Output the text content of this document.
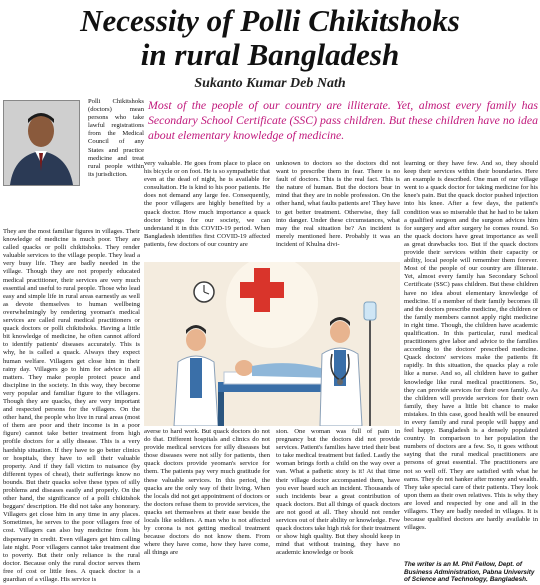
Necessity of Polli Chikitshoks
in rural Bangladesh
Sukanto Kumar Deb Nath
Polli Chikitshoks (doctors) mean persons who take lawful registrations from the Medical Council of any States and practice medicine and treat rural people within its jurisdiction.
Most of the people of our country are illiterate. Yet, almost every family has Secondary School Certificate (SSC) pass children. But these children have no idea about elementary knowledge of medicine.

They are the most familiar figures in villages. Their knowledge of medicine is much poor. They are called quacks or polli chikitshoks. They render valuable services to the village people. They lead a very busy life. They are badly needed in the village. Though they are not properly educated medical practitioner, their services are very much essential and useful to rural people. Those who lead easy and simple life in rural areas earnestly as well as devote themselves to human wellbeing overwhelmingly by rendering yeoman's medical services are called rural medical practitioners or quack doctors or polli chikitshoks. Having a little bit knowledge of medicine, he often cannot afford to identify patients' diseases accurately. This is why, he is called a quack. Always they expect human welfare. Villagers get close him in their rainy day. Villagers go to him for advice in all matters. They make people protect peace and discipline in the society. In this way, they become very popular and familiar figure to the villagers. Though they are quacks, they are very important and respected persons for the villagers. On the other hand, the people who live in rural areas (most of them are poor and their income is in a poor figure) cannot take better treatment from high profile doctors for a silly disease. This is a very hardship situation. If they have to go better clinics or hospitals, they have to sell their valuable property. And if they fall victim to nuisance (by different types of cheat), their sufferings know no bounds. But their quacks solve these types of silly problems and diseases easily and properly. On the other hand, the significance of a polli chikitshok beggars' description. He did not take any honorary. Villagers get close him in any time in any places. Sometimes, he serves to the poor villagers free of cost. Villagers can also buy medicine from his dispensary in credit. Even villagers get him calling late night. Poor villagers cannot take treatment due to poverty. But their only reliance is the rural doctor. Because only the rural doctor serves them free of cost or little fees. A quack doctor is a guardian of a village. His service is

very valuable. He goes from place to place on his bicycle or on foot. He is so sympathetic that even at the dead of night, he is available for consultation. He is kind to his poor patients. He does not demand any large fee. Consequently, the poor villagers are highly benefited by a quack doctor. How much importance a quack doctor brings for our society, we can understand it in this COVID-19 period. When Bangladesh identifies first COVID-19 affected patients, few doctors of our country are
unknown to doctors so the doctors did not want to prescribe them in fear. There is no fault of doctors. This is the real fact. This is the nature of human. But the doctors bear in mind that they are in noble profession. On the other hand, what faults patients are! They have to get better treatment. Otherwise, they fall into danger. Under these circumstances, what may the real situation be? An incident is merely mentioned here. Probably it was an incident of Khulna divi-
averse to hard work. But quack doctors do not do that. Different hospitals and clinics do not provide medical services for silly diseases but those diseases were not silly for patients, then quack doctors provide yeoman's service for them. The patients pay very much gratitude for these valuable services. In this period, the quacks are the only way of their living. When the locals did not get appointment of doctors or the doctors refuse them to provide services, the quacks set themselves at their ease beside the locals like soldiers. A man who is not affected by corona is not getting medical treatment because doctors do not know them. From where they have come, how they have come, all things are
sion. One woman was full of pain in pregnancy but the doctors did not provide services. Patient's families have tried their best to take medical treatment but failed. Lastly the woman brings forth a child on the way over a van. What a pathetic story is it! At that time their village doctor accompanied them, have you ever heard such an incident. Thousands of such incidents bear a great contribution of quack doctors. But all things of quack doctors are not good at all. They should not render services out of their ability or knowledge. Few quack doctors take high risk for their treatment or show high quality. But they should keep in mind that without training, they have no academic knowledge or book
learning or they have few. And so, they should keep their services within their boundaries. Here an example is described. One man of our village went to a quack doctor for taking medicine for his knee's pain. But the quack doctor pushed injection into his knee. After a few days, the patient's condition was so miserable that he had to be taken a qualified surgeon and the surgeon advices him for surgery and after surgery he comes round. So the quack doctors have great importance as well as great drawbacks too. But if the quack doctors provide their services within their capacity or ability, local people will remember them forever. Most of the people of our country are illiterate. Yet, almost every family has Secondary School Certificate (SSC) pass children. But these children have no idea about elementary knowledge of medicine. If a member of their family becomes ill and the doctors prescribe medicine, the children or the family members cannot apply right medicine in right time. Though, the children have academic qualification. In this particular, rural medical practitioners give labor and advice to the families according to the doctors' prescribed medicine. Quack doctors' services make the patients fit rapidly. In this situation, the quacks play a role like a nurse. And so, all children have to gather knowledge like rural medical practitioners. So, they can provide services for their own family. As the children will provide services for their own family, they have a little bit chance to make mistakes. In this case, good health will be ensured in every family and rural people will happy and feel happy. Bangladesh is a densely populated country. In comparison to her population the numbers of doctors are a few. So, it goes without saying that the rural medical practitioners are persons of great essential. The practitioners are not so well off. They are satisfied with what he earns. They do not hanker after money and wealth. They take special care of their patients. They look upon them as their own relatives. This is why they are loved and respected by one and all in the villagers. They are badly needed in villages. It is because qualified doctors are hardly available in villages.
The writer is an M. Phil Fellow, Dept. of Business Administration, Pabna University of Science and Technology, Bangladesh.
